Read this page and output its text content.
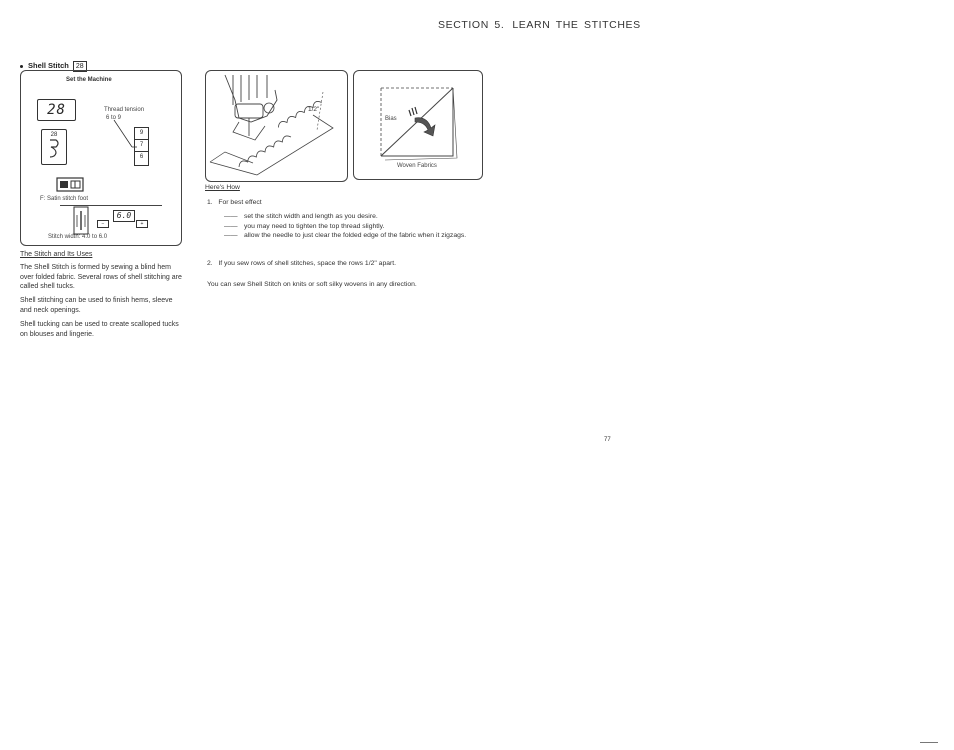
SECTION 5. LEARN THE STITCHES
Shell Stitch 28
Set the Machine
28
28
Thread tension
6 to 9
9
7
6
F: Satin stitch foot
6.0
−	+
Stitch width: 4.0 to 6.0
The Stitch and Its Uses
The Shell Stitch is formed by sewing a blind hem over folded fabric. Several rows of shell stitching are called shell tucks.
Shell stitching can be used to finish hems, sleeve and neck openings.
Shell tucking can be used to create scalloped tucks on blouses and lingerie.
1/2"
Bias
Woven Fabrics
Here's How
1. For best effect
—— set the stitch width and length as you desire.
—— you may need to tighten the top thread slightly.
—— allow the needle to just clear the folded edge of the fabric when it zigzags.
2. If you sew rows of shell stitches, space the rows 1/2" apart.
You can sew Shell Stitch on knits or soft silky wovens in any direction.
77
